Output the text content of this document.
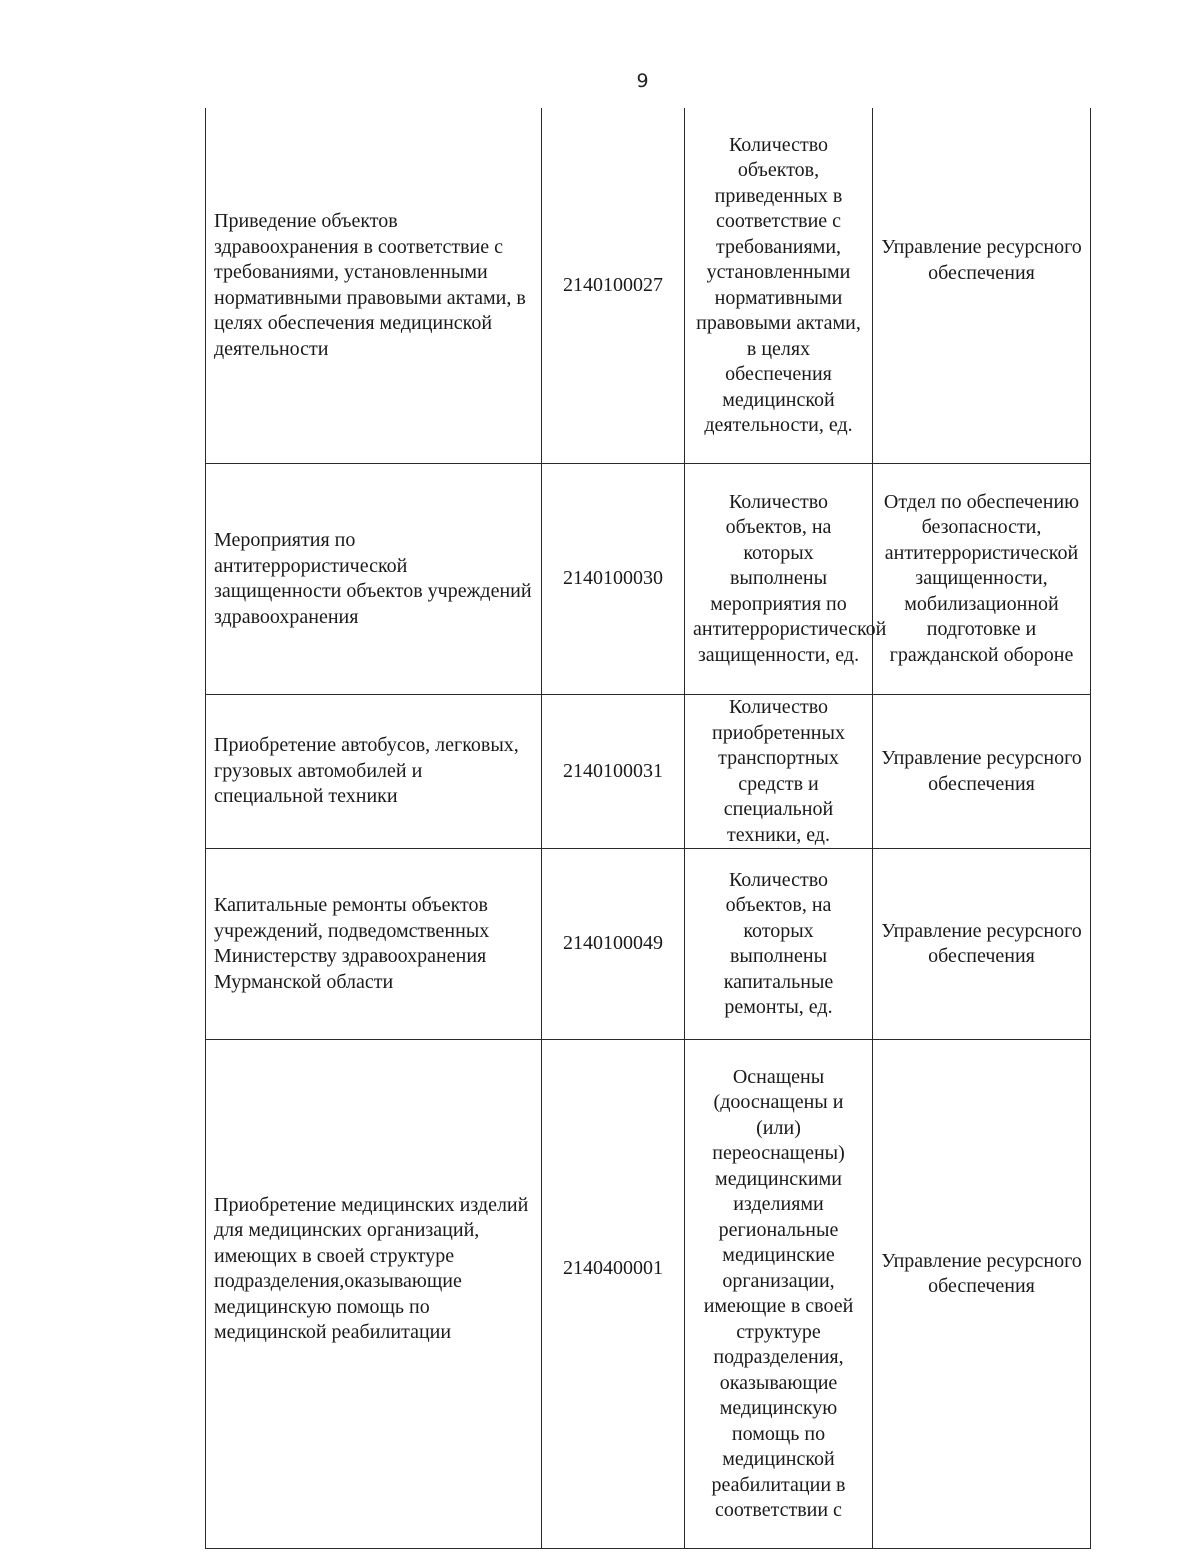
9
Приведение объектов здравоохранения в соответствие с требованиями, установленными нормативными правовыми актами, в целях обеспечения медицинской деятельности	2140100027	Количество объектов, приведенных в соответствие с требованиями, установленными нормативными правовыми актами, в целях обеспечения медицинской деятельности, ед.	Управление ресурсного обеспечения
Мероприятия по антитеррористической защищенности объектов учреждений здравоохранения	2140100030	Количество объектов, на которых выполнены мероприятия по антитеррористической защищенности, ед.	Отдел по обеспечению безопасности, антитеррористической защищенности, мобилизационной подготовке и гражданской обороне
Приобретение автобусов, легковых, грузовых автомобилей и специальной техники	2140100031	Количество приобретенных транспортных средств и специальной техники, ед.	Управление ресурсного обеспечения
Капитальные ремонты объектов учреждений, подведомственных Министерству здравоохранения Мурманской области	2140100049	Количество объектов, на которых выполнены капитальные ремонты, ед.	Управление ресурсного обеспечения
Приобретение медицинских изделий для медицинских организаций, имеющих в своей структуре подразделения,оказывающие медицинскую помощь по медицинской реабилитации	2140400001	Оснащены (дооснащены и (или) переоснащены) медицинскими изделиями региональные медицинские организации, имеющие в своей структуре подразделения, оказывающие медицинскую помощь по медицинской реабилитации в соответствии с	Управление ресурсного обеспечения
